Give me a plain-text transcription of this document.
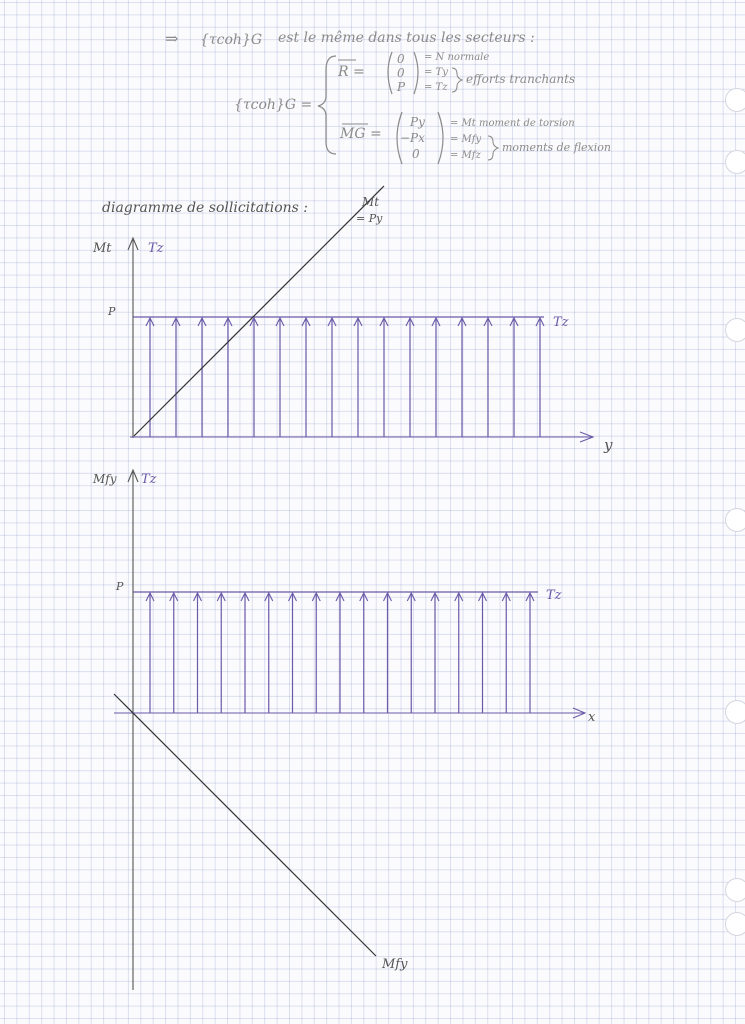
⇒ {τcoh}G est le même dans tous les secteurs :
{τcoh}G =
R =
0
0
P
= N normale
= Ty
= Tz
efforts tranchants
MG =
Py
−Px
0
= Mt moment de torsion
= Mfy
= Mfz
moments de flexion
diagramme de sollicitations :
Mt	Tz
y
P
Tz
Mt
= Py
Mfy Tz
x
P
Tz
Mfy
